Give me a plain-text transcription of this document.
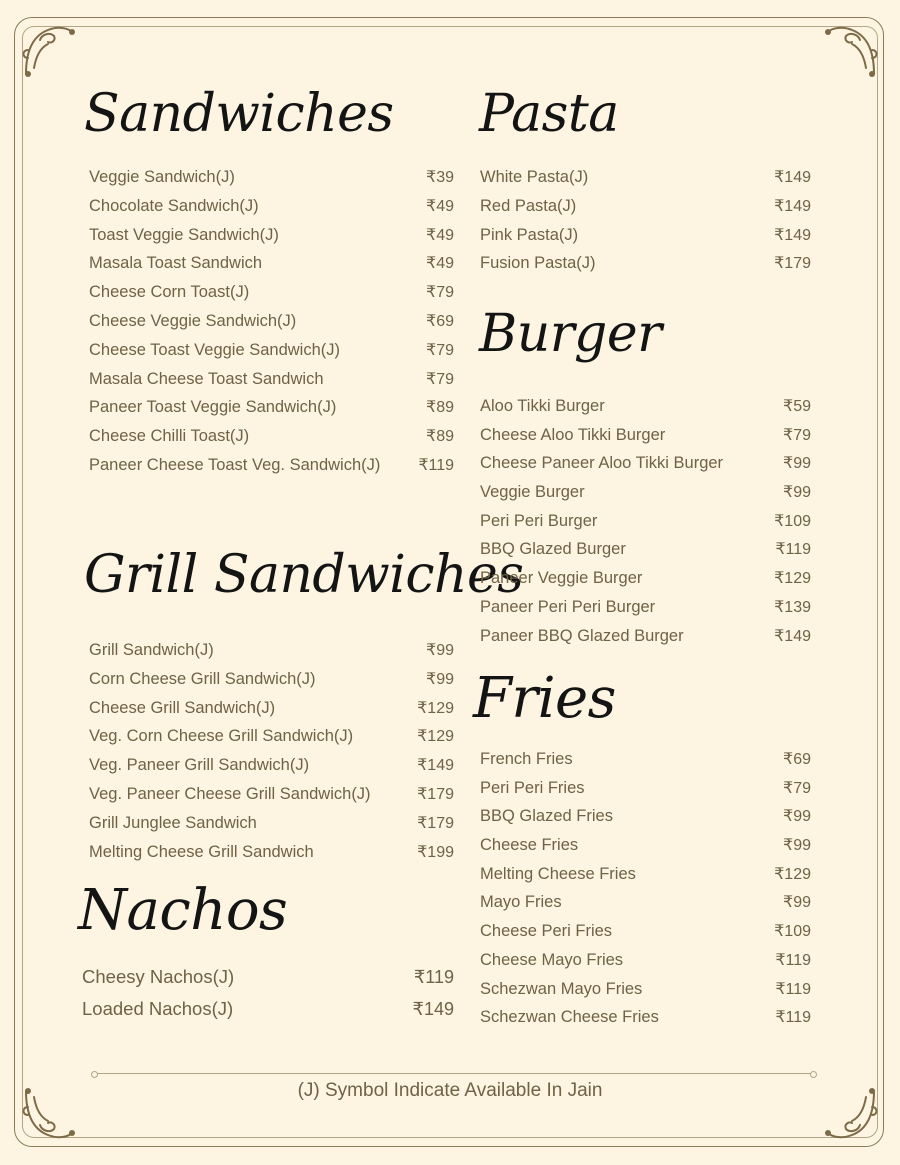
Sandwiches
Veggie Sandwich(J)	₹39
Chocolate Sandwich(J)	₹49
Toast Veggie Sandwich(J)	₹49
Masala Toast Sandwich	₹49
Cheese Corn Toast(J)	₹79
Cheese Veggie Sandwich(J)	₹69
Cheese Toast Veggie Sandwich(J)	₹79
Masala Cheese Toast Sandwich	₹79
Paneer Toast Veggie Sandwich(J)	₹89
Cheese Chilli Toast(J)	₹89
Paneer Cheese Toast Veg. Sandwich(J) ₹119
Grill Sandwiches
Grill Sandwich(J)	₹99
Corn Cheese Grill Sandwich(J)	₹99
Cheese Grill Sandwich(J)	₹129
Veg. Corn Cheese Grill Sandwich(J)	₹129
Veg. Paneer Grill Sandwich(J)	₹149
Veg. Paneer Cheese Grill Sandwich(J)	₹179
Grill Junglee Sandwich	₹179
Melting Cheese Grill Sandwich	₹199
Nachos
Cheesy Nachos(J)	₹119
Loaded Nachos(J)	₹149
Pasta
White Pasta(J)	₹149
Red Pasta(J)	₹149
Pink Pasta(J)	₹149
Fusion Pasta(J)	₹179
Burger
Aloo Tikki Burger	₹59
Cheese Aloo Tikki Burger	₹79
Cheese Paneer Aloo Tikki Burger	₹99
Veggie Burger	₹99
Peri Peri Burger	₹109
BBQ Glazed Burger	₹119
Paneer Veggie Burger	₹129
Paneer Peri Peri Burger	₹139
Paneer BBQ Glazed Burger	₹149
Fries
French Fries	₹69
Peri Peri Fries	₹79
BBQ Glazed Fries	₹99
Cheese Fries	₹99
Melting Cheese Fries	₹129
Mayo Fries	₹99
Cheese Peri Fries	₹109
Cheese Mayo Fries	₹119
Schezwan Mayo Fries	₹119
Schezwan Cheese Fries	₹119
(J) Symbol Indicate Available In Jain
